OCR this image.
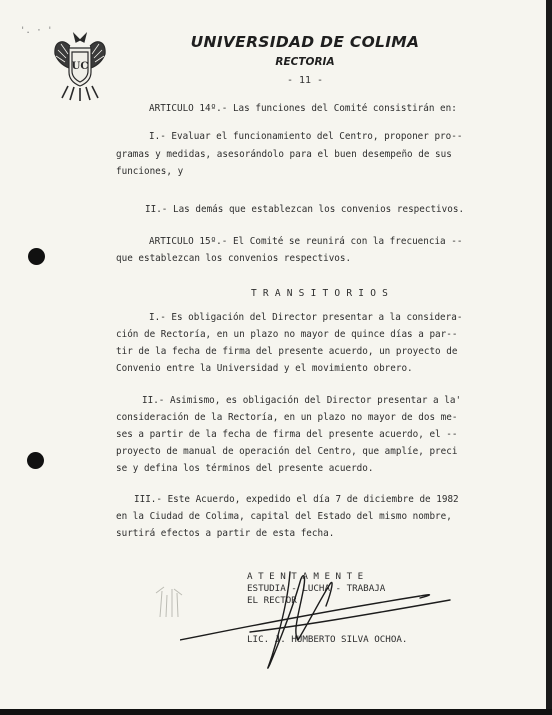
'. · '
UC
UNIVERSIDAD DE COLIMA
RECTORIA
- 11 -
ARTICULO 14º.- Las funciones del Comité consistirán en:
I.- Evaluar el funcionamiento del Centro, proponer pro--
gramas y medidas, asesorándolo para el buen desempeño de sus
funciones, y
II.- Las demás que establezcan los convenios respectivos.
ARTICULO 15º.- El Comité se reunirá con la frecuencia --
que establezcan los convenios respectivos.
TRANSITORIOS
I.- Es obligación del Director presentar a la considera-
ción de Rectoría, en un plazo no mayor de quince días a par--
tir de la fecha de firma del presente acuerdo, un proyecto de
Convenio entre la Universidad y el movimiento obrero.
II.- Asimismo, es obligación del Director presentar a la'
consideración de la Rectoría, en un plazo no mayor de dos me-
ses a partir de la fecha de firma del presente acuerdo, el --
proyecto de manual de operación del Centro, que amplíe, preci
se y defina los términos del presente acuerdo.
III.- Este Acuerdo, expedido el día 7 de diciembre de 1982
en la Ciudad de Colima, capital del Estado del mismo nombre,
surtirá efectos a partir de esta fecha.
A T E N T A M E N T E
ESTUDIA - LUCHA - TRABAJA
EL RECTOR
LIC. J. HUMBERTO SILVA OCHOA.
